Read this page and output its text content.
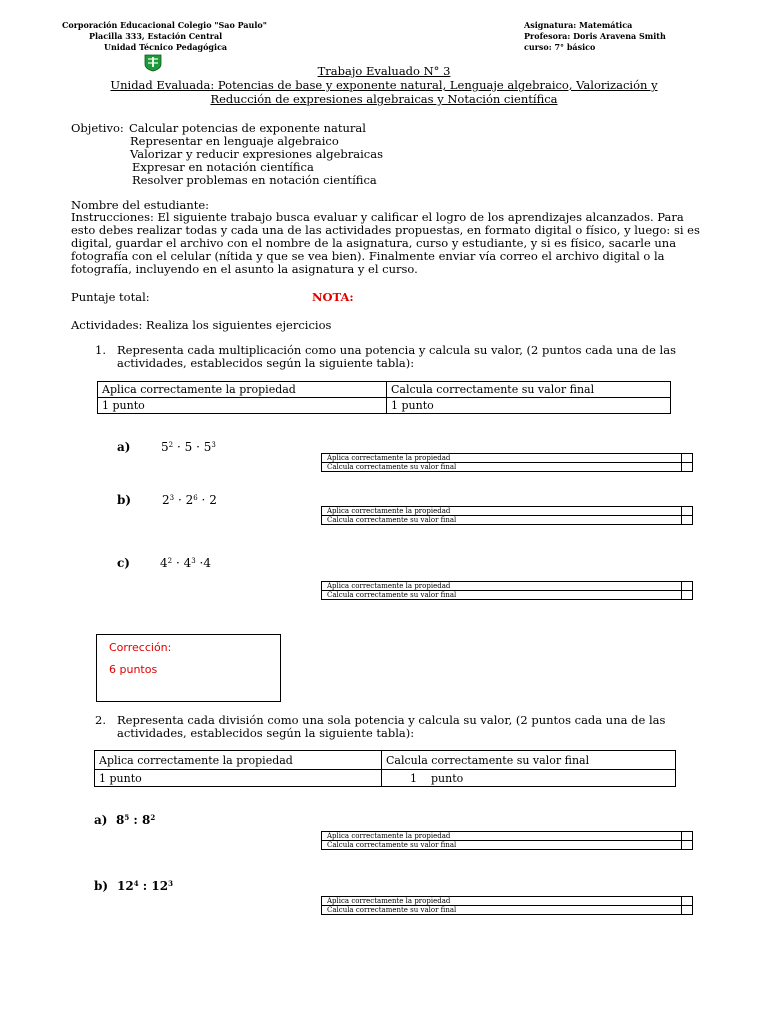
Corporación Educacional Colegio "Sao Paulo"
Placilla 333, Estación Central
Unidad Técnico Pedagógica
Asignatura: Matemática
Profesora: Doris Aravena Smith
curso: 7° básico
Trabajo Evaluado N° 3
Unidad Evaluada: Potencias de base y exponente natural, Lenguaje algebraico, Valorización y
Reducción de expresiones algebraicas y Notación científica
Objetivo: Calcular potencias de exponente natural
Representar en lenguaje algebraico
Valorizar y reducir expresiones algebraicas
Expresar en notación científica
Resolver problemas en notación científica
Nombre del estudiante:
Instrucciones: El siguiente trabajo busca evaluar y calificar el logro de los aprendizajes alcanzados. Para
esto debes realizar todas y cada una de las actividades propuestas, en formato digital o físico, y luego: si es
digital, guardar el archivo con el nombre de la asignatura, curso y estudiante, y si es físico, sacarle una
fotografía con el celular (nítida y que se vea bien). Finalmente enviar vía correo el archivo digital o la
fotografía, incluyendo en el asunto la asignatura y el curso.
Puntaje total:	NOTA:
Actividades: Realiza los siguientes ejercicios
1. Representa cada multiplicación como una potencia y calcula su valor, (2 puntos cada una de las
actividades, establecidos según la siguiente tabla):
Aplica correctamente la propiedad	Calcula correctamente su valor final
1 punto	1 punto
a)	$5^2 \cdot 5 \cdot 5^3$
Aplica correctamente la propiedad	
Calcula correctamente su valor final	
b)	$2^3 \cdot 2^6 \cdot 2$
Aplica correctamente la propiedad	
Calcula correctamente su valor final	
c)	$4^2 \cdot 4^3 \cdot 4$
Aplica correctamente la propiedad	
Calcula correctamente su valor final	
Corrección:
6 puntos
2. Representa cada división como una sola potencia y calcula su valor, (2 puntos cada una de las
actividades, establecidos según la siguiente tabla):
Aplica correctamente la propiedad	Calcula correctamente su valor final
1 punto	1    punto
a) $8^5$ : $8^2$
Aplica correctamente la propiedad	
Calcula correctamente su valor final	
b) $12^4$ : $12^3$
Aplica correctamente la propiedad	
Calcula correctamente su valor final	
